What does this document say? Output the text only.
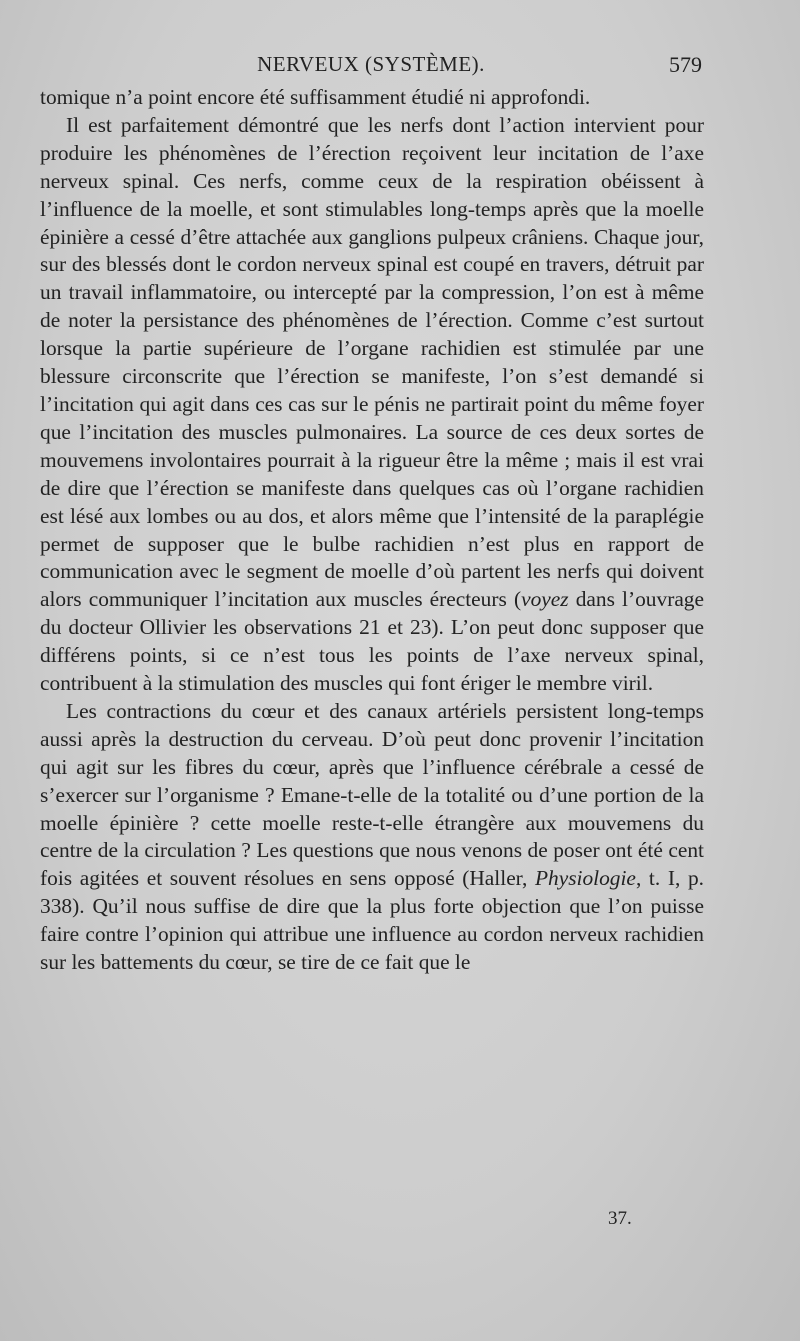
NERVEUX (SYSTÈME).	579

tomique n’a point encore été suffisamment étudié ni approfondi.

Il est parfaitement démontré que les nerfs dont l’action intervient pour produire les phénomènes de l’érection reçoivent leur incitation de l’axe nerveux spinal. Ces nerfs, comme ceux de la respiration obéissent à l’influence de la moelle, et sont stimulables long-temps après que la moelle épinière a cessé d’être attachée aux ganglions pulpeux crâniens. Chaque jour, sur des blessés dont le cordon nerveux spinal est coupé en travers, détruit par un travail inflammatoire, ou intercepté par la compression, l’on est à même de noter la persistance des phénomènes de l’érection. Comme c’est surtout lorsque la partie supérieure de l’organe rachidien est stimulée par une blessure circonscrite que l’érection se manifeste, l’on s’est demandé si l’incitation qui agit dans ces cas sur le pénis ne partirait point du même foyer que l’incitation des muscles pulmonaires. La source de ces deux sortes de mouvemens involontaires pourrait à la rigueur être la même ; mais il est vrai de dire que l’érection se manifeste dans quelques cas où l’organe rachidien est lésé aux lombes ou au dos, et alors même que l’intensité de la paraplégie permet de supposer que le bulbe rachidien n’est plus en rapport de communication avec le segment de moelle d’où partent les nerfs qui doivent alors communiquer l’incitation aux muscles érecteurs (voyez dans l’ouvrage du docteur Ollivier les observations 21 et 23). L’on peut donc supposer que différens points, si ce n’est tous les points de l’axe nerveux spinal, contribuent à la stimulation des muscles qui font ériger le membre viril.

Les contractions du cœur et des canaux artériels persistent long-temps aussi après la destruction du cerveau. D’où peut donc provenir l’incitation qui agit sur les fibres du cœur, après que l’influence cérébrale a cessé de s’exercer sur l’organisme ? Emane-t-elle de la totalité ou d’une portion de la moelle épinière ? cette moelle reste-t-elle étrangère aux mouvemens du centre de la circulation ? Les questions que nous venons de poser ont été cent fois agitées et souvent résolues en sens opposé (Haller, Physiologie, t. I, p. 338). Qu’il nous suffise de dire que la plus forte objection que l’on puisse faire contre l’opinion qui attribue une influence au cordon nerveux rachidien sur les battements du cœur, se tire de ce fait que le

37.
